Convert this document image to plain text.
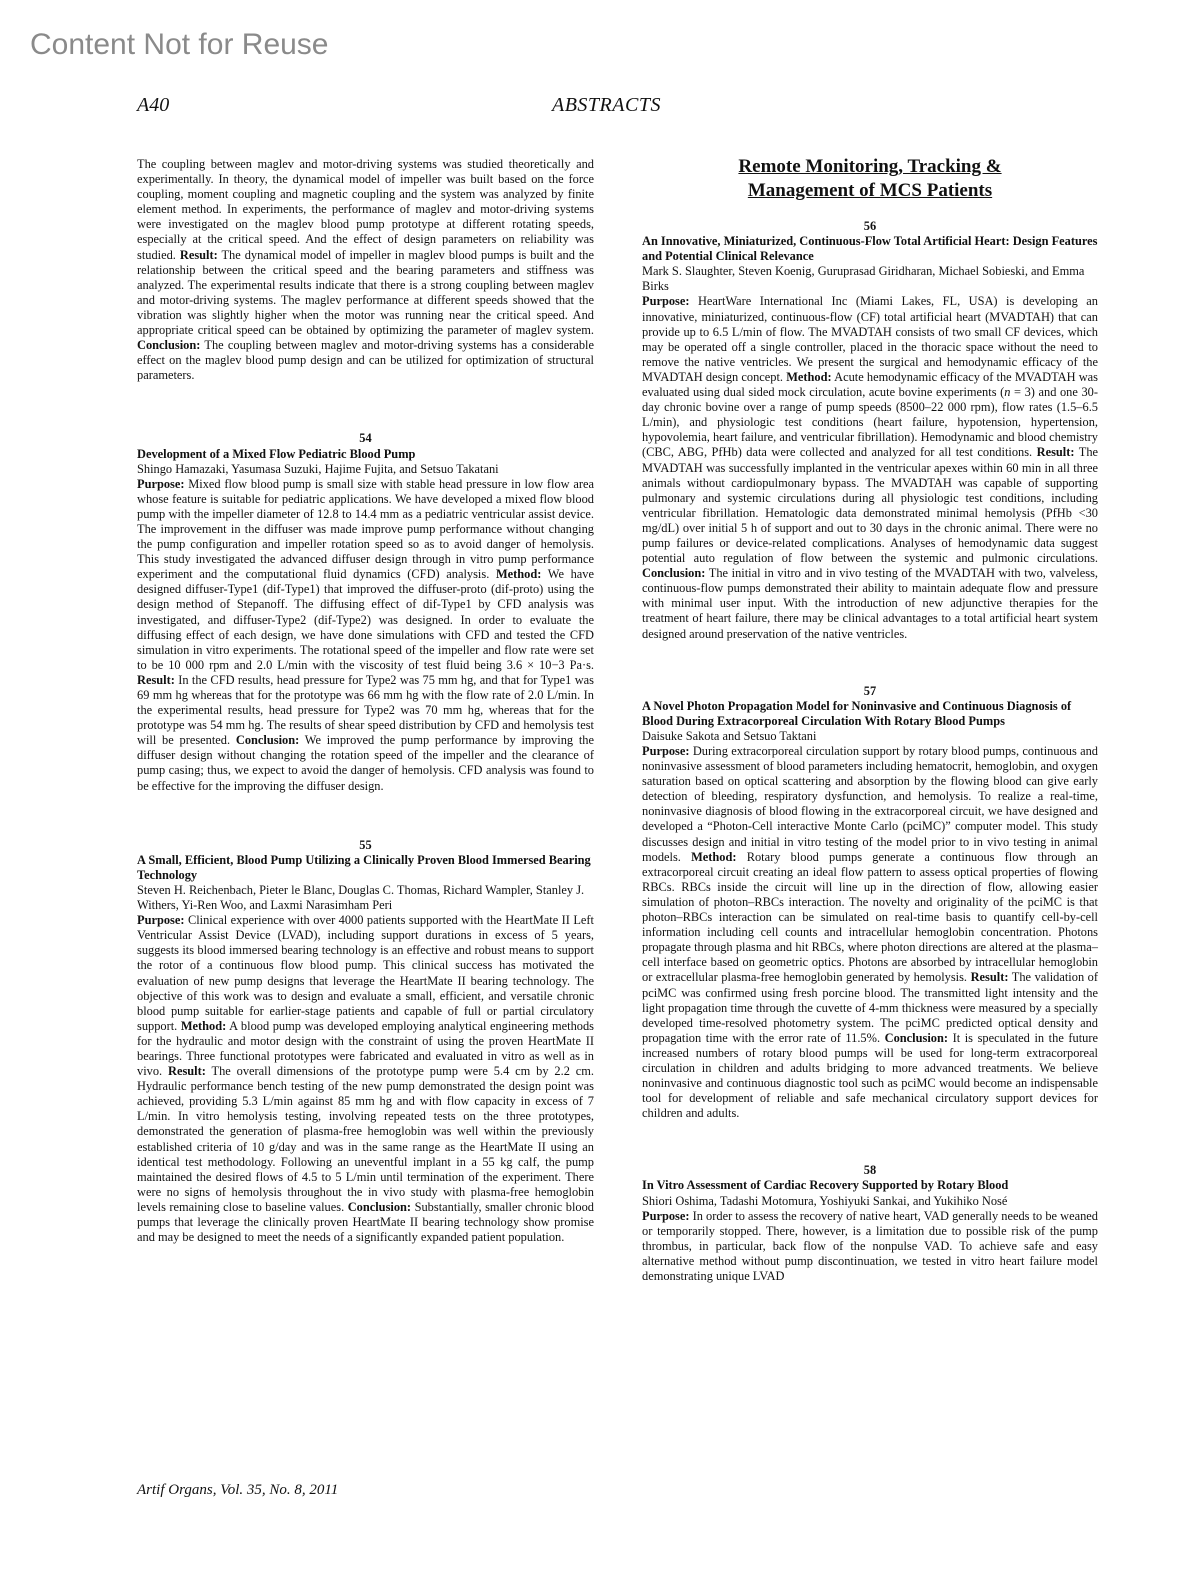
Content Not for Reuse
A40	ABSTRACTS

The coupling between maglev and motor-driving systems was studied theoretically and experimentally. In theory, the dynamical model of impeller was built based on the force coupling, moment coupling and magnetic coupling and the system was analyzed by finite element method. In experiments, the performance of maglev and motor-driving systems were investigated on the maglev blood pump prototype at different rotating speeds, especially at the critical speed. And the effect of design parameters on reliability was studied. Result: The dynamical model of impeller in maglev blood pumps is built and the relationship between the critical speed and the bearing parameters and stiffness was analyzed. The experimental results indicate that there is a strong coupling between maglev and motor-driving systems. The maglev performance at different speeds showed that the vibration was slightly higher when the motor was running near the critical speed. And appropriate critical speed can be obtained by optimizing the parameter of maglev system. Conclusion: The coupling between maglev and motor-driving systems has a considerable effect on the maglev blood pump design and can be utilized for optimization of structural parameters.

54

Development of a Mixed Flow Pediatric Blood Pump

Shingo Hamazaki, Yasumasa Suzuki, Hajime Fujita, and Setsuo Takatani

Purpose: Mixed flow blood pump is small size with stable head pressure in low flow area whose feature is suitable for pediatric applications. We have developed a mixed flow blood pump with the impeller diameter of 12.8 to 14.4 mm as a pediatric ventricular assist device. The improvement in the diffuser was made improve pump performance without changing the pump configuration and impeller rotation speed so as to avoid danger of hemolysis. This study investigated the advanced diffuser design through in vitro pump performance experiment and the computational fluid dynamics (CFD) analysis. Method: We have designed diffuser-Type1 (dif-Type1) that improved the diffuser-proto (dif-proto) using the design method of Stepanoff. The diffusing effect of dif-Type1 by CFD analysis was investigated, and diffuser-Type2 (dif-Type2) was designed. In order to evaluate the diffusing effect of each design, we have done simulations with CFD and tested the CFD simulation in vitro experiments. The rotational speed of the impeller and flow rate were set to be 10 000 rpm and 2.0 L/min with the viscosity of test fluid being 3.6 × 10−3 Pa·s. Result: In the CFD results, head pressure for Type2 was 75 mm hg, and that for Type1 was 69 mm hg whereas that for the prototype was 66 mm hg with the flow rate of 2.0 L/min. In the experimental results, head pressure for Type2 was 70 mm hg, whereas that for the prototype was 54 mm hg. The results of shear speed distribution by CFD and hemolysis test will be presented. Conclusion: We improved the pump performance by improving the diffuser design without changing the rotation speed of the impeller and the clearance of pump casing; thus, we expect to avoid the danger of hemolysis. CFD analysis was found to be effective for the improving the diffuser design.

55

A Small, Efficient, Blood Pump Utilizing a Clinically Proven Blood Immersed Bearing Technology

Steven H. Reichenbach, Pieter le Blanc, Douglas C. Thomas, Richard Wampler, Stanley J. Withers, Yi-Ren Woo, and Laxmi Narasimham Peri

Purpose: Clinical experience with over 4000 patients supported with the HeartMate II Left Ventricular Assist Device (LVAD), including support durations in excess of 5 years, suggests its blood immersed bearing technology is an effective and robust means to support the rotor of a continuous flow blood pump. This clinical success has motivated the evaluation of new pump designs that leverage the HeartMate II bearing technology. The objective of this work was to design and evaluate a small, efficient, and versatile chronic blood pump suitable for earlier-stage patients and capable of full or partial circulatory support. Method: A blood pump was developed employing analytical engineering methods for the hydraulic and motor design with the constraint of using the proven HeartMate II bearings. Three functional prototypes were fabricated and evaluated in vitro as well as in vivo. Result: The overall dimensions of the prototype pump were 5.4 cm by 2.2 cm. Hydraulic performance bench testing of the new pump demonstrated the design point was achieved, providing 5.3 L/min against 85 mm hg and with flow capacity in excess of 7 L/min. In vitro hemolysis testing, involving repeated tests on the three prototypes, demonstrated the generation of plasma-free hemoglobin was well within the previously established criteria of 10 g/day and was in the same range as the HeartMate II using an identical test methodology. Following an uneventful implant in a 55 kg calf, the pump maintained the desired flows of 4.5 to 5 L/min until termination of the experiment. There were no signs of hemolysis throughout the in vivo study with plasma-free hemoglobin levels remaining close to baseline values. Conclusion: Substantially, smaller chronic blood pumps that leverage the clinically proven HeartMate II bearing technology show promise and may be designed to meet the needs of a significantly expanded patient population.

Remote Monitoring, Tracking &
Management of MCS Patients

56

An Innovative, Miniaturized, Continuous-Flow Total Artificial Heart: Design Features and Potential Clinical Relevance

Mark S. Slaughter, Steven Koenig, Guruprasad Giridharan, Michael Sobieski, and Emma Birks

Purpose: HeartWare International Inc (Miami Lakes, FL, USA) is developing an innovative, miniaturized, continuous-flow (CF) total artificial heart (MVADTAH) that can provide up to 6.5 L/min of flow. The MVADTAH consists of two small CF devices, which may be operated off a single controller, placed in the thoracic space without the need to remove the native ventricles. We present the surgical and hemodynamic efficacy of the MVADTAH design concept. Method: Acute hemodynamic efficacy of the MVADTAH was evaluated using dual sided mock circulation, acute bovine experiments (n = 3) and one 30-day chronic bovine over a range of pump speeds (8500–22 000 rpm), flow rates (1.5–6.5 L/min), and physiologic test conditions (heart failure, hypotension, hypertension, hypovolemia, heart failure, and ventricular fibrillation). Hemodynamic and blood chemistry (CBC, ABG, PfHb) data were collected and analyzed for all test conditions. Result: The MVADTAH was successfully implanted in the ventricular apexes within 60 min in all three animals without cardiopulmonary bypass. The MVADTAH was capable of supporting pulmonary and systemic circulations during all physiologic test conditions, including ventricular fibrillation. Hematologic data demonstrated minimal hemolysis (PfHb <30 mg/dL) over initial 5 h of support and out to 30 days in the chronic animal. There were no pump failures or device-related complications. Analyses of hemodynamic data suggest potential auto regulation of flow between the systemic and pulmonic circulations. Conclusion: The initial in vitro and in vivo testing of the MVADTAH with two, valveless, continuous-flow pumps demonstrated their ability to maintain adequate flow and pressure with minimal user input. With the introduction of new adjunctive therapies for the treatment of heart failure, there may be clinical advantages to a total artificial heart system designed around preservation of the native ventricles.

57

A Novel Photon Propagation Model for Noninvasive and Continuous Diagnosis of Blood During Extracorporeal Circulation With Rotary Blood Pumps

Daisuke Sakota and Setsuo Taktani

Purpose: During extracorporeal circulation support by rotary blood pumps, continuous and noninvasive assessment of blood parameters including hematocrit, hemoglobin, and oxygen saturation based on optical scattering and absorption by the flowing blood can give early detection of bleeding, respiratory dysfunction, and hemolysis. To realize a real-time, noninvasive diagnosis of blood flowing in the extracorporeal circuit, we have designed and developed a “Photon-Cell interactive Monte Carlo (pciMC)” computer model. This study discusses design and initial in vitro testing of the model prior to in vivo testing in animal models. Method: Rotary blood pumps generate a continuous flow through an extracorporeal circuit creating an ideal flow pattern to assess optical properties of flowing RBCs. RBCs inside the circuit will line up in the direction of flow, allowing easier simulation of photon–RBCs interaction. The novelty and originality of the pciMC is that photon–RBCs interaction can be simulated on real-time basis to quantify cell-by-cell information including cell counts and intracellular hemoglobin concentration. Photons propagate through plasma and hit RBCs, where photon directions are altered at the plasma–cell interface based on geometric optics. Photons are absorbed by intracellular hemoglobin or extracellular plasma-free hemoglobin generated by hemolysis. Result: The validation of pciMC was confirmed using fresh porcine blood. The transmitted light intensity and the light propagation time through the cuvette of 4-mm thickness were measured by a specially developed time-resolved photometry system. The pciMC predicted optical density and propagation time with the error rate of 11.5%. Conclusion: It is speculated in the future increased numbers of rotary blood pumps will be used for long-term extracorporeal circulation in children and adults bridging to more advanced treatments. We believe noninvasive and continuous diagnostic tool such as pciMC would become an indispensable tool for development of reliable and safe mechanical circulatory support devices for children and adults.

58

In Vitro Assessment of Cardiac Recovery Supported by Rotary Blood

Shiori Oshima, Tadashi Motomura, Yoshiyuki Sankai, and Yukihiko Nosé

Purpose: In order to assess the recovery of native heart, VAD generally needs to be weaned or temporarily stopped. There, however, is a limitation due to possible risk of the pump thrombus, in particular, back flow of the nonpulse VAD. To achieve safe and easy alternative method without pump discontinuation, we tested in vitro heart failure model demonstrating unique LVAD

Artif Organs, Vol. 35, No. 8, 2011
